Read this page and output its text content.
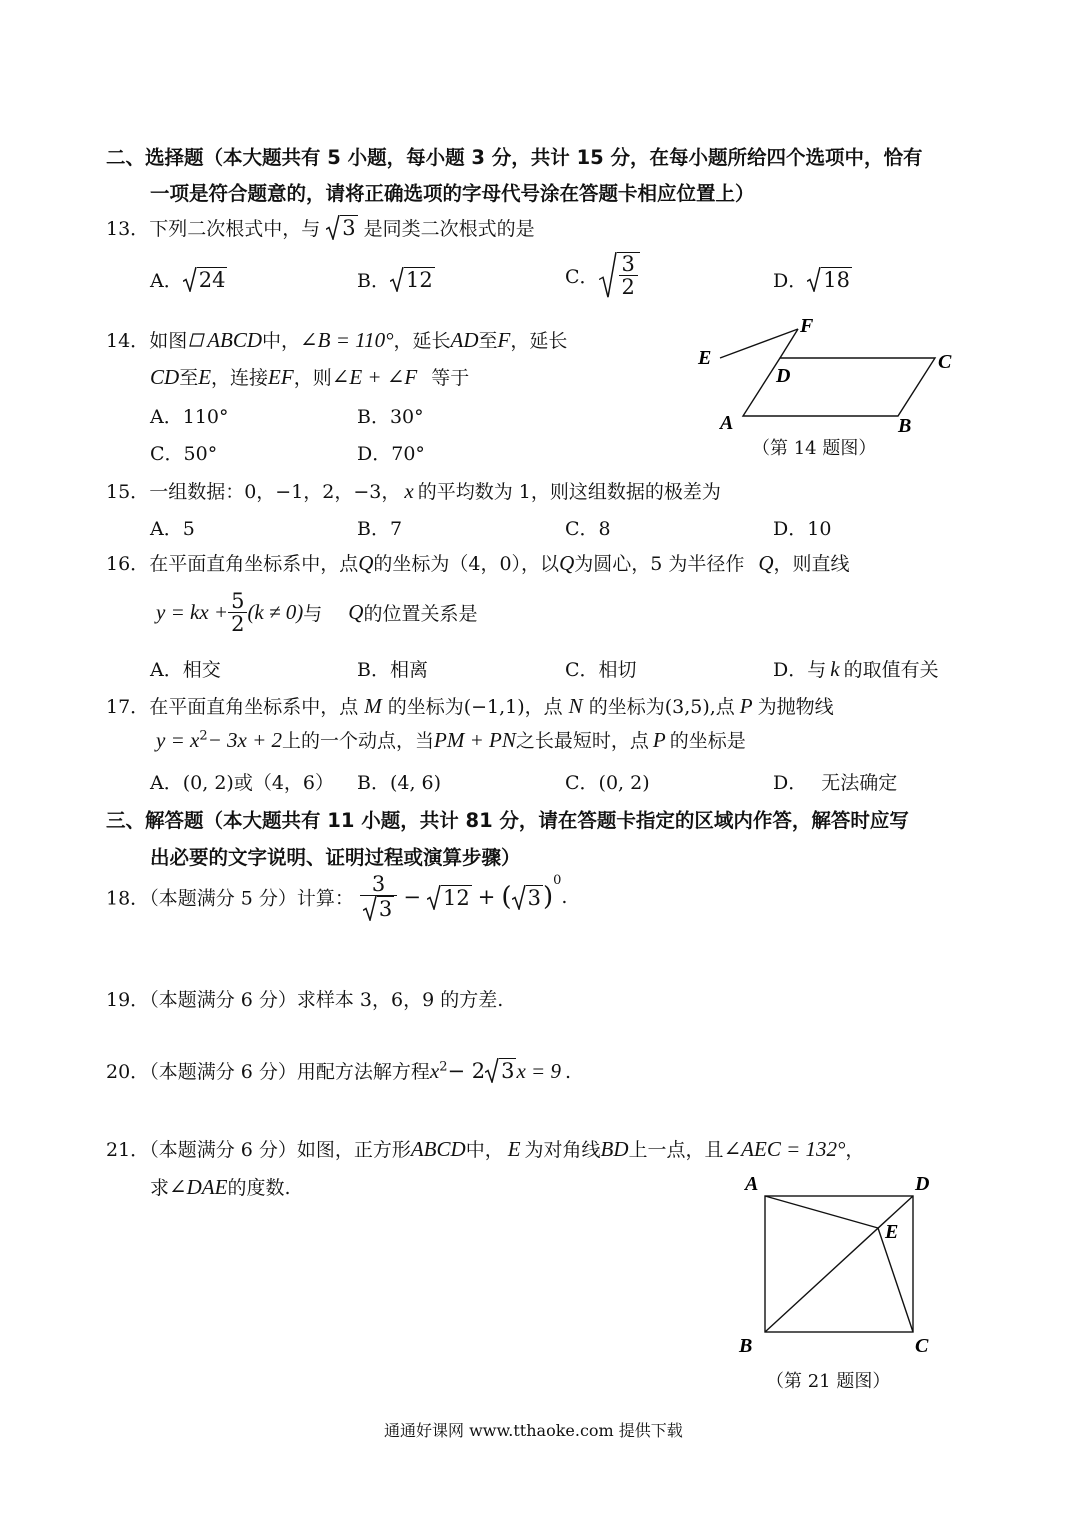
二、选择题（本大题共有 5 小题，每小题 3 分，共计 15 分，在每小题所给四个选项中，恰有
一项是符合题意的，请将正确选项的字母代号涂在答题卡相应位置上）
13．下列二次根式中，与 3 是同类二次根式的是
A． 24	B． 12	C． $\frac{3}{2}$	D． 18
14．如图 ABCD中，∠B = 110°，延长AD至F，延长
CD至E，连接EF，则∠E + ∠F 等于
A．110°	B．30°
C．50°	D．70°
F
E
D
C
A	B
（第 14 题图）
15．一组数据：0，−1，2，−3， x 的平均数为 1，则这组数据的极差为
A．5	B．7	C．8	D．10
16．在平面直角坐标系中，点Q的坐标为（4，0），以Q为圆心，5 为半径作 Q，则直线
y = kx + $\frac{5}{2} (k \ne 0)$与 Q的位置关系是
A．相交	B．相离	C．相切	D．与 k 的取值有关
17．在平面直角坐标系中，点 M 的坐标为(−1,1)，点 N 的坐标为(3,5),点 P 为抛物线
$y = x^2- 3x + 2$上的一个动点，当PM + PN之长最短时，点 P 的坐标是
A．(0, 2)或（4，6） B．(4, 6)	C．(0, 2)	D． 无法确定
三、解答题（本大题共有 11 小题，共计 81 分，请在答题卡指定的区域内作答，解答时应写
出必要的文字说明、证明过程或演算步骤）
18．（本题满分 5 分）计算： $\frac{3}{3} - 12$ + ( 3)$^0$.
19．（本题满分 6 分）求样本 3，6，9 的方差.
20．（本题满分 6 分）用配方法解方程$x^2- 2$ 3x = 9 .
21．（本题满分 6 分）如图，正方形ABCD中， E 为对角线BD上一点，且∠AEC = 132°，
求∠DAE的度数.	A	D
E
B	C
（第 21 题图）
通通好课网 www.tthaoke.com 提供下载
